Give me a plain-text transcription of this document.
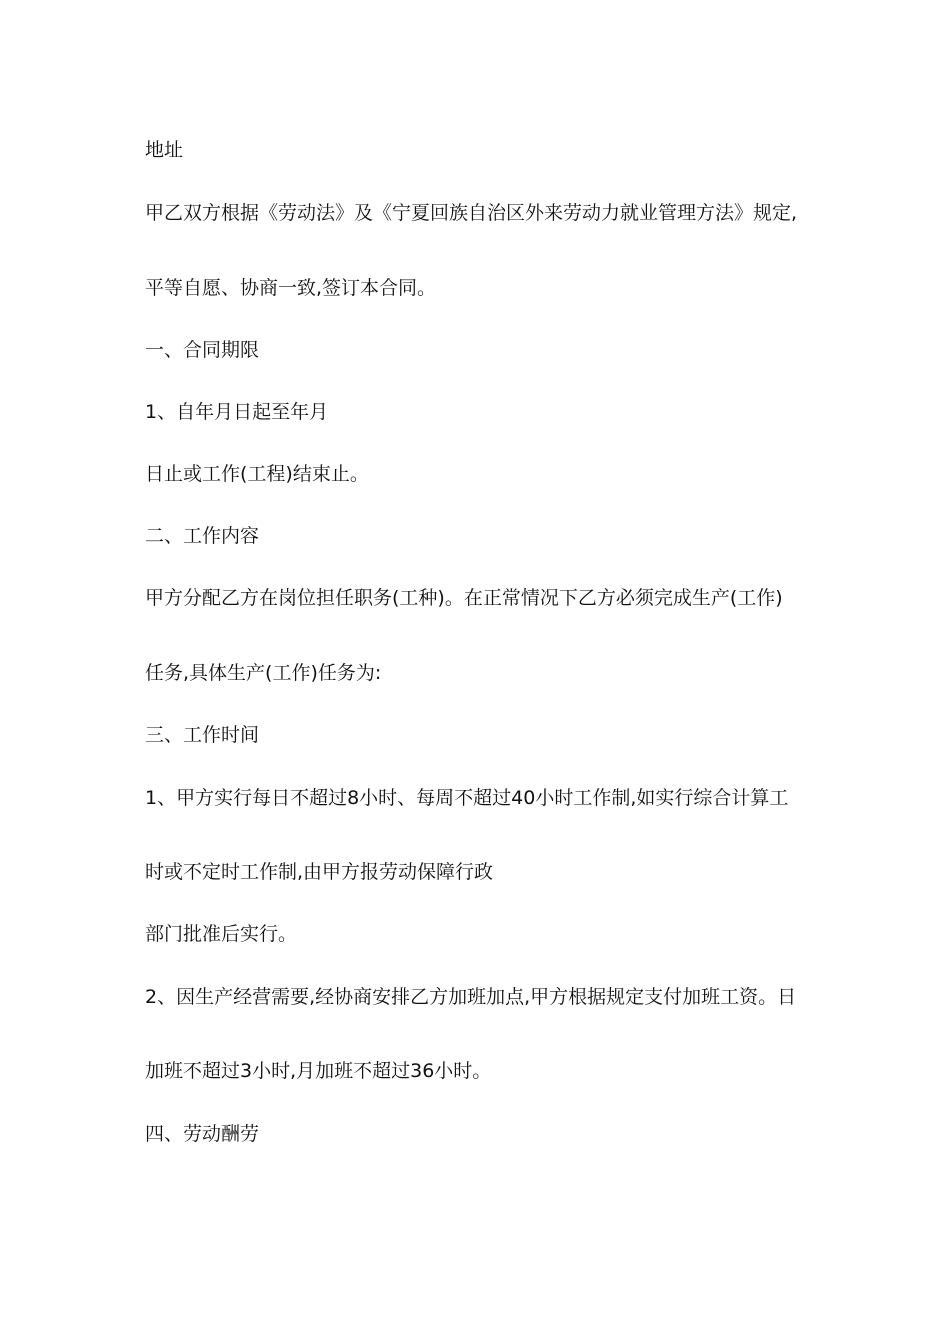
地址

甲乙双方根据《劳动法》及《宁夏回族自治区外来劳动力就业管理方法》规定,

平等自愿、协商一致,签订本合同。

一、合同期限

1、自年月日起至年月

日止或工作(工程)结束止。

二、工作内容

甲方分配乙方在岗位担任职务(工种)。在正常情况下乙方必须完成生产(工作)

任务,具体生产(工作)任务为:

三、工作时间

1、甲方实行每日不超过8小时、每周不超过40小时工作制,如实行综合计算工

时或不定时工作制,由甲方报劳动保障行政

部门批准后实行。

2、因生产经营需要,经协商安排乙方加班加点,甲方根据规定支付加班工资。日

加班不超过3小时,月加班不超过36小时。

四、劳动酬劳
